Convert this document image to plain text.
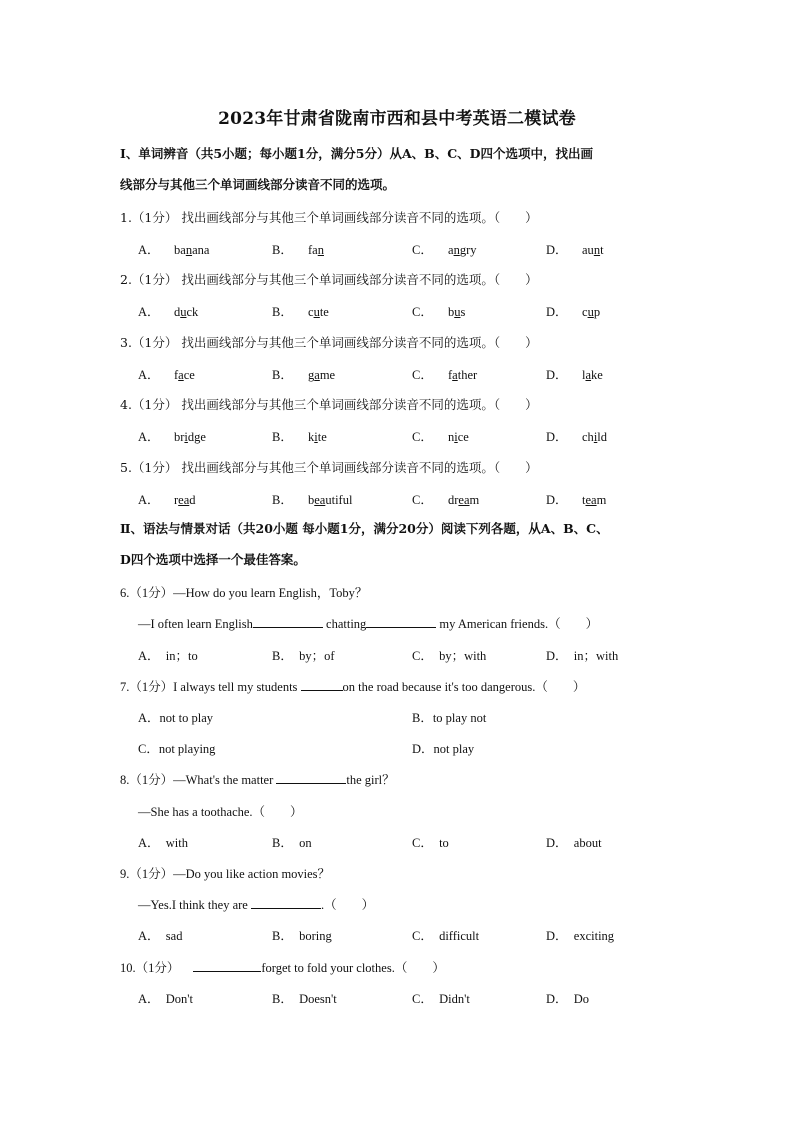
2023年甘肃省陇南市西和县中考英语二模试卷
Ⅰ、单词辨音（共5小题；每小题1分，满分5分）从A、B、C、D四个选项中，找出画
线部分与其他三个单词画线部分读音不同的选项。
1.（1分） 找出画线部分与其他三个单词画线部分读音不同的选项。（　　）
A． banana	B． fan	C． angry	D． aunt
2.（1分） 找出画线部分与其他三个单词画线部分读音不同的选项。（　　）
A． duck	B． cute	C． bus	D． cup
3.（1分） 找出画线部分与其他三个单词画线部分读音不同的选项。（　　）
A． face	B． game	C． father	D． lake
4.（1分） 找出画线部分与其他三个单词画线部分读音不同的选项。（　　）
A． bridge	B． kite	C． nice	D． child
5.（1分） 找出画线部分与其他三个单词画线部分读音不同的选项。（　　）
A． read	B． beautiful	C． dream	D． team
Ⅱ、语法与情景对话（共20小题 每小题1分，满分20分）阅读下列各题，从A、B、C、
D四个选项中选择一个最佳答案。
6.（1分）—How do you learn English，Toby？
—I often learn English	chatting	my American friends.（　　）
A．　in；to	B．　by；of	C．　by；with	D．　in；with
7.（1分）I always tell my students	on the road because it's too dangerous.（　　）
A．not to play	B．to play not
C．not playing	D．not play
8.（1分）—What's the matter	the girl？
—She has a toothache.（　　）
A．　with	B．　on	C．　to	D．　about
9.（1分）—Do you like action movies？
—Yes.I think they are	.（　　）
A．　sad	B．　boring	C．　difficult	D．　exciting
10.（1分）	forget to fold your clothes.（　　）
A．　Don't	B．　Doesn't	C．　Didn't	D．　Do
